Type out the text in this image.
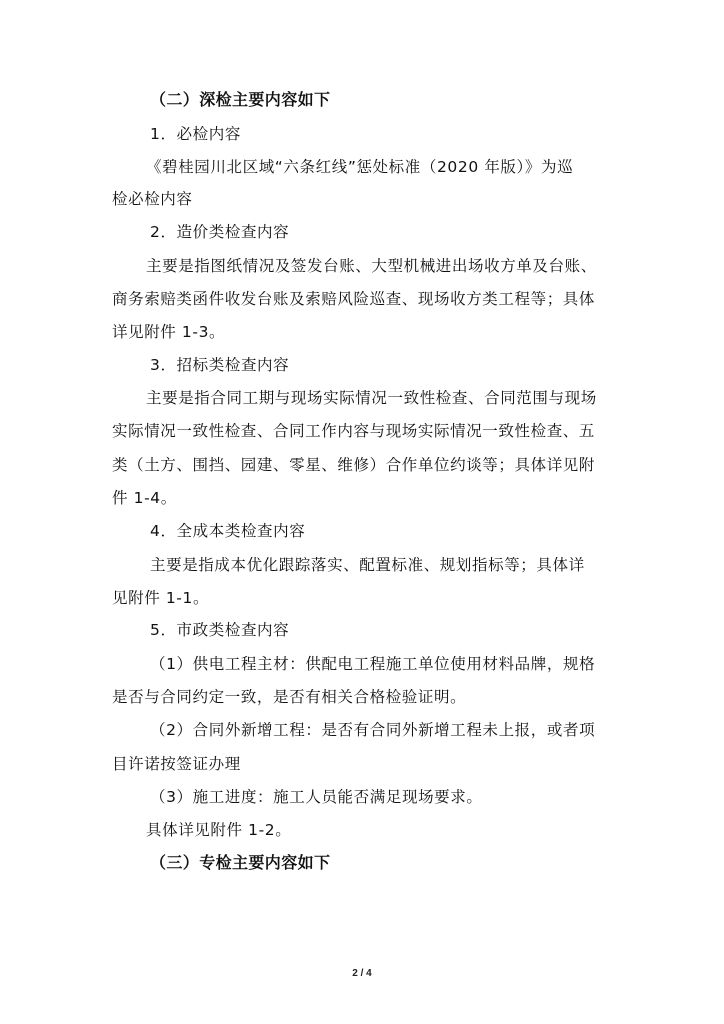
（二）深检主要内容如下
1．必检内容
《碧桂园川北区域“六条红线”惩处标准（2020 年版）》为巡
检必检内容
2．造价类检查内容
主要是指图纸情况及签发台账、大型机械进出场收方单及台账、
商务索赔类函件收发台账及索赔风险巡查、现场收方类工程等；具体
详见附件 1-3。
3．招标类检查内容
主要是指合同工期与现场实际情况一致性检查、合同范围与现场
实际情况一致性检查、合同工作内容与现场实际情况一致性检查、五
类（土方、围挡、园建、零星、维修）合作单位约谈等；具体详见附
件 1-4。
4．全成本类检查内容
主要是指成本优化跟踪落实、配置标准、规划指标等；具体详
见附件 1-1。
5．市政类检查内容
（1）供电工程主材：供配电工程施工单位使用材料品牌，规格
是否与合同约定一致，是否有相关合格检验证明。
（2）合同外新增工程：是否有合同外新增工程未上报，或者项
目许诺按签证办理
（3）施工进度：施工人员能否满足现场要求。
具体详见附件 1-2。
（三）专检主要内容如下
2 / 4
